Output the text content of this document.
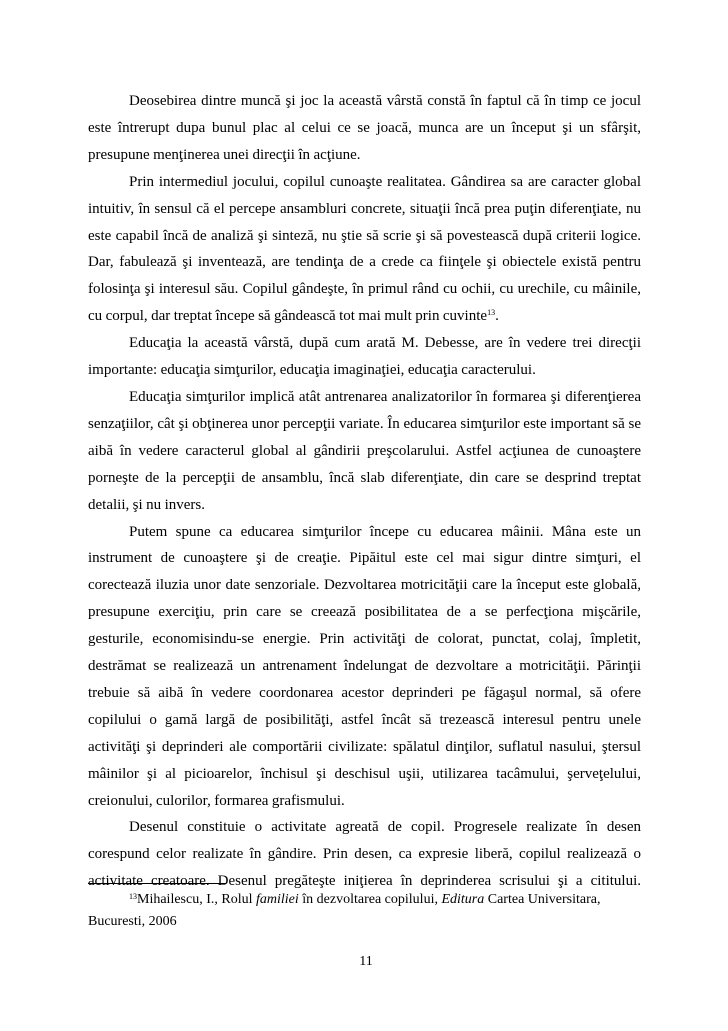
Deosebirea dintre muncă şi joc la această vârstă constă în faptul că în timp ce jocul este întrerupt dupa bunul plac al celui ce se joacă, munca are un început şi un sfârşit, presupune menţinerea unei direcţii în acţiune.

Prin intermediul jocului, copilul cunoaşte realitatea. Gândirea sa are caracter global intuitiv, în sensul că el percepe ansambluri concrete, situaţii încă prea puţin diferenţiate, nu este capabil încă de analiză şi sinteză, nu ştie să scrie şi să povestească după criterii logice. Dar, fabulează şi inventează, are tendinţa de a crede ca fiinţele şi obiectele există pentru folosinţa şi interesul său. Copilul gândeşte, în primul rând cu ochii, cu urechile, cu mâinile, cu corpul, dar treptat începe să gândească tot mai mult prin cuvinte$^{13}$.

Educaţia la această vârstă, după cum arată M. Debesse, are în vedere trei direcţii importante: educaţia simţurilor, educaţia imaginaţiei, educaţia caracterului.

Educaţia simţurilor implică atât antrenarea analizatorilor în formarea şi diferenţierea senzaţiilor, cât şi obţinerea unor percepţii variate. În educarea simţurilor este important să se aibă în vedere caracterul global al gândirii preşcolarului. Astfel acţiunea de cunoaştere porneşte de la percepţii de ansamblu, încă slab diferenţiate, din care se desprind treptat detalii, şi nu invers.

Putem spune ca educarea simţurilor începe cu educarea mâinii. Mâna este un instrument de cunoaştere şi de creaţie. Pipăitul este cel mai sigur dintre simţuri, el corectează iluzia unor date senzoriale. Dezvoltarea motricităţii care la început este globală, presupune exerciţiu, prin care se creează posibilitatea de a se perfecţiona mişcările, gesturile, economisindu-se energie. Prin activităţi de colorat, punctat, colaj, împletit, destrămat se realizează un antrenament îndelungat de dezvoltare a motricităţii. Părinţii trebuie să aibă în vedere coordonarea acestor deprinderi pe făgaşul normal, să ofere copilului o gamă largă de posibilităţi, astfel încât să trezească interesul pentru unele activităţi şi deprinderi ale comportării civilizate: spălatul dinţilor, suflatul nasului, ştersul mâinilor şi al picioarelor, închisul şi deschisul uşii, utilizarea tacâmului, şerveţelului, creionului, culorilor, formarea grafismului.

Desenul constituie o activitate agreată de copil. Progresele realizate în desen corespund celor realizate în gândire. Prin desen, ca expresie liberă, copilul realizează o activitate creatoare. Desenul pregăteşte iniţierea în deprinderea scrisului şi a cititului.

$^{13}$Mihailescu, I., Rolul familiei în dezvoltarea copilului, Editura Cartea Universitara, Bucuresti, 2006

11
